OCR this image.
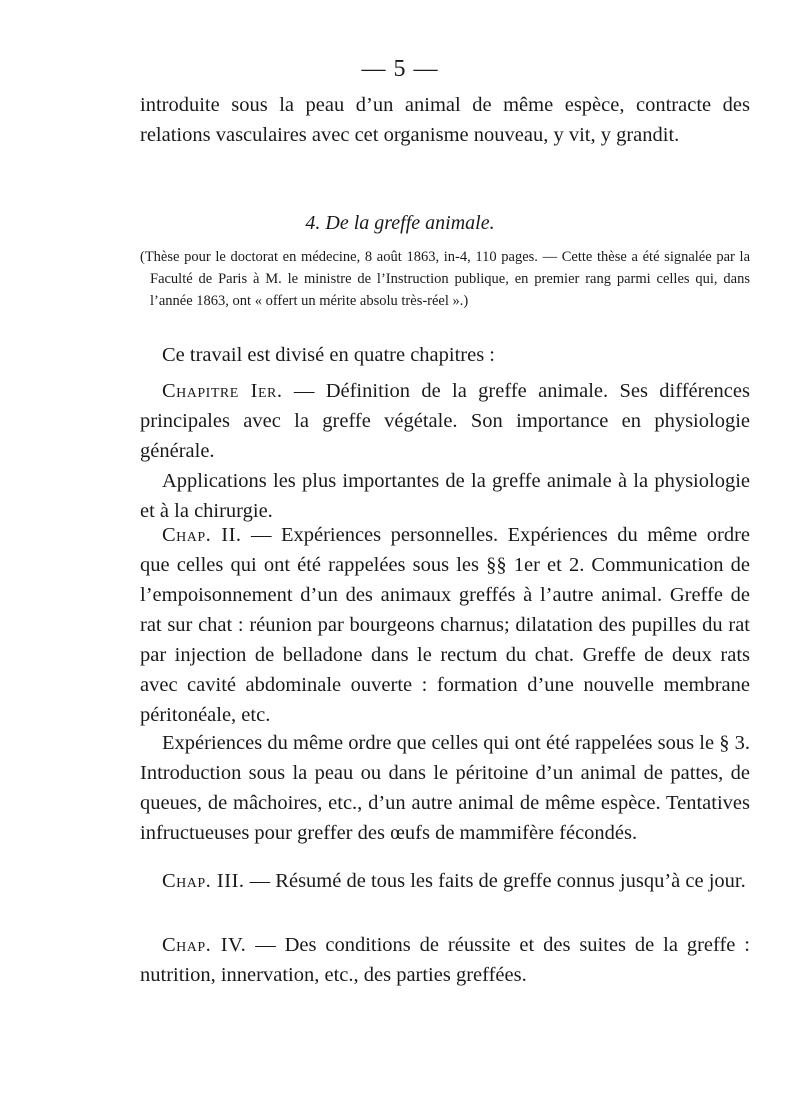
— 5 —

introduite sous la peau d’un animal de même espèce, contracte des relations vasculaires avec cet organisme nouveau, y vit, y grandit.

4. De la greffe animale.

(Thèse pour le doctorat en médecine, 8 août 1863, in-4, 110 pages. — Cette thèse a été signalée par la Faculté de Paris à M. le ministre de l’Instruction publique, en premier rang parmi celles qui, dans l’année 1863, ont « offert un mérite absolu très-réel ».)

Ce travail est divisé en quatre chapitres :

Chapitre Ier. — Définition de la greffe animale. Ses différences principales avec la greffe végétale. Son importance en physiologie générale.

Applications les plus importantes de la greffe animale à la physiologie et à la chirurgie.

Chap. II. — Expériences personnelles. Expériences du même ordre que celles qui ont été rappelées sous les §§ 1er et 2. Communication de l’empoisonnement d’un des animaux greffés à l’autre animal. Greffe de rat sur chat : réunion par bourgeons charnus; dilatation des pupilles du rat par injection de belladone dans le rectum du chat. Greffe de deux rats avec cavité abdominale ouverte : formation d’une nouvelle membrane péritonéale, etc.

Expériences du même ordre que celles qui ont été rappelées sous le § 3. Introduction sous la peau ou dans le péritoine d’un animal de pattes, de queues, de mâchoires, etc., d’un autre animal de même espèce. Tentatives infructueuses pour greffer des œufs de mammifère fécondés.

Chap. III. — Résumé de tous les faits de greffe connus jusqu’à ce jour.

Chap. IV. — Des conditions de réussite et des suites de la greffe : nutrition, innervation, etc., des parties greffées.
